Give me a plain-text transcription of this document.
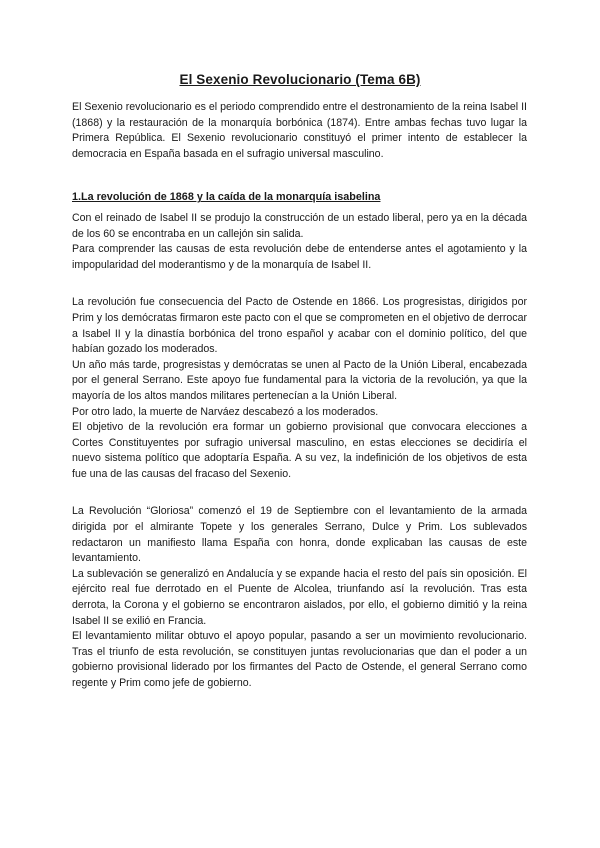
El Sexenio Revolucionario (Tema 6B)

El Sexenio revolucionario es el periodo comprendido entre el destronamiento de la reina Isabel II (1868) y la restauración de la monarquía borbónica (1874). Entre ambas fechas tuvo lugar la Primera República. El Sexenio revolucionario constituyó el primer intento de establecer la democracia en España basada en el sufragio universal masculino.

1.La revolución de 1868 y la caída de la monarquía isabelina

Con el reinado de Isabel II se produjo la construcción de un estado liberal, pero ya en la década de los 60 se encontraba en un callejón sin salida.

Para comprender las causas de esta revolución debe de entenderse antes el agotamiento y la impopularidad del moderantismo y de la monarquía de Isabel II.

La revolución fue consecuencia del Pacto de Ostende en 1866. Los progresistas, dirigidos por Prim y los demócratas firmaron este pacto con el que se comprometen en el objetivo de derrocar a Isabel II y la dinastía borbónica del trono español y acabar con el dominio político, del que habían gozado los moderados.

Un año más tarde, progresistas y demócratas se unen al Pacto de la Unión Liberal, encabezada por el general Serrano. Este apoyo fue fundamental para la victoria de la revolución, ya que la mayoría de los altos mandos militares pertenecían a la Unión Liberal.

Por otro lado, la muerte de Narváez descabezó a los moderados.

El objetivo de la revolución era formar un gobierno provisional que convocara elecciones a Cortes Constituyentes por sufragio universal masculino, en estas elecciones se decidiría el nuevo sistema político que adoptaría España. A su vez, la indefinición de los objetivos de esta fue una de las causas del fracaso del Sexenio.

La Revolución “Gloriosa” comenzó el 19 de Septiembre con el levantamiento de la armada dirigida por el almirante Topete y los generales Serrano, Dulce y Prim. Los sublevados redactaron un manifiesto llama España con honra, donde explicaban las causas de este levantamiento.

La sublevación se generalizó en Andalucía y se expande hacia el resto del país sin oposición. El ejército real fue derrotado en el Puente de Alcolea, triunfando así la revolución. Tras esta derrota, la Corona y el gobierno se encontraron aislados, por ello, el gobierno dimitió y la reina Isabel II se exilió en Francia.

El levantamiento militar obtuvo el apoyo popular, pasando a ser un movimiento revolucionario. Tras el triunfo de esta revolución, se constituyen juntas revolucionarias que dan el poder a un gobierno provisional liderado por los firmantes del Pacto de Ostende, el general Serrano como regente y Prim como jefe de gobierno.
